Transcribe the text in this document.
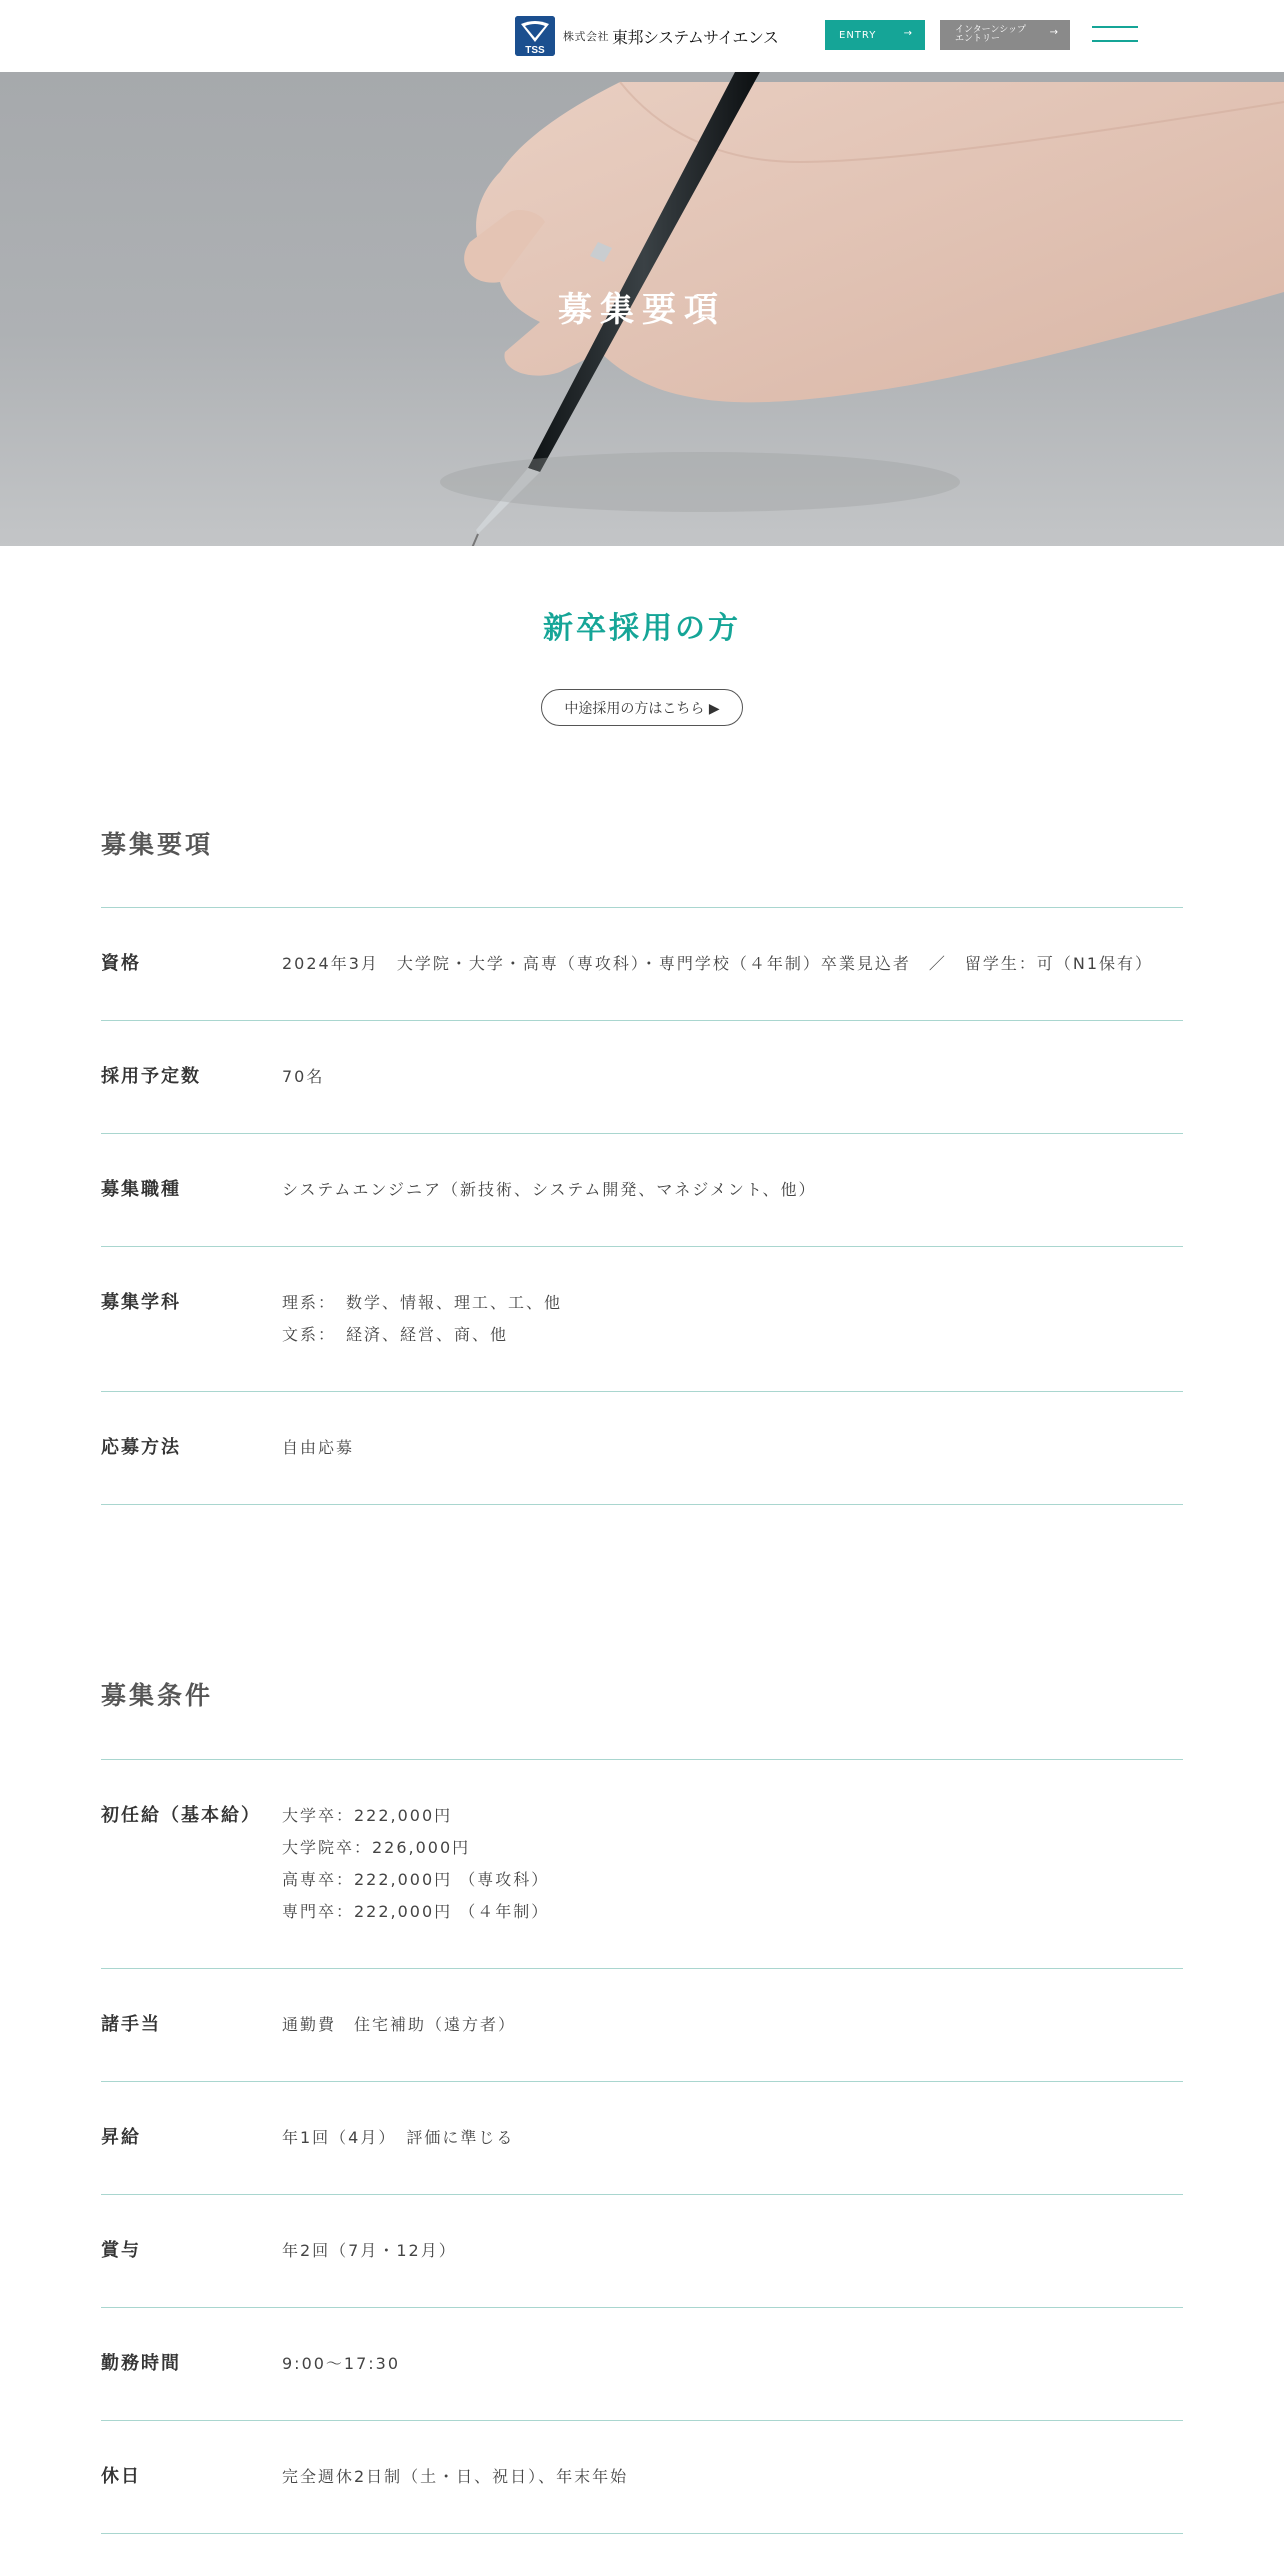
TSS
株式会社 東邦システムサイエンス	ENTRY	→	インターンシップ
エントリー
→
募集要項
新卒採用の方
中途採用の方はこちら ▶
募集要項
資格	2024年3月　大学院・大学・高専（専攻科）・専門学校（４年制）卒業見込者　／　留学生：可（N1保有）
採用予定数	70名
募集職種	システムエンジニア（新技術、システム開発、マネジメント、他）
募集学科	理系：　数学、情報、理工、工、他
文系：　経済、経営、商、他
応募方法	自由応募
募集条件
初任給（基本給）	大学卒：222,000円
大学院卒：226,000円
高専卒：222,000円 （専攻科）
専門卒：222,000円 （４年制）
諸手当	通勤費　住宅補助（遠方者）
昇給	年1回（4月）　評価に準じる
賞与	年2回（7月・12月）
勤務時間	9:00～17:30
休日	完全週休2日制（土・日、祝日）、年末年始
